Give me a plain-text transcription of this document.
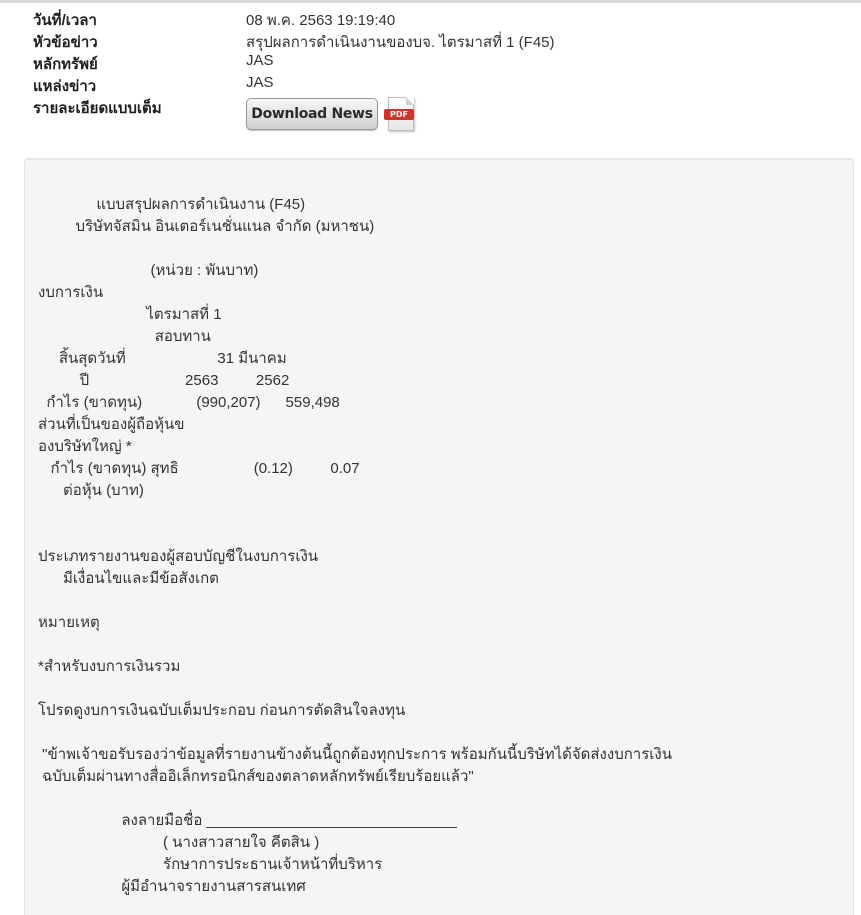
วันที่/เวลา	08 พ.ค. 2563 19:19:40
หัวข้อข่าว	สรุปผลการดำเนินงานของบจ. ไตรมาสที่ 1 (F45)
หลักทรัพย์	JAS
แหล่งข่าว	JAS
รายละเอียดแบบเต็ม	Download News	PDF
แบบสรุปผลการดำเนินงาน (F45)
บริษัทจัสมิน อินเตอร์เนชั่นแนล จำกัด (มหาชน)

(หน่วย : พันบาท)
งบการเงิน
ไตรมาสที่ 1
สอบทาน
สิ้นสุดวันที่                      31 มีนาคม
ปี                       2563         2562
กำไร (ขาดทุน)             (990,207)      559,498
ส่วนที่เป็นของผู้ถือหุ้นข
องบริษัทใหญ่ *
กำไร (ขาดทุน) สุทธิ                  (0.12)         0.07
ต่อหุ้น (บาท)

ประเภทรายงานของผู้สอบบัญชีในงบการเงิน
มีเงื่อนไขและมีข้อสังเกต

หมายเหตุ

*สำหรับงบการเงินรวม

โปรดดูงบการเงินฉบับเต็มประกอบ ก่อนการตัดสินใจลงทุน

"ข้าพเจ้าขอรับรองว่าข้อมูลที่รายงานข้างต้นนี้ถูกต้องทุกประการ พร้อมกันนี้บริษัทได้จัดส่งงบการเงิน
ฉบับเต็มผ่านทางสื่ออิเล็กทรอนิกส์ของตลาดหลักทรัพย์เรียบร้อยแล้ว"

ลงลายมือชื่อ ______________________________
( นางสาวสายใจ คีตสิน )
รักษาการประธานเจ้าหน้าที่บริหาร
ผู้มีอำนาจรายงานสารสนเทศ
